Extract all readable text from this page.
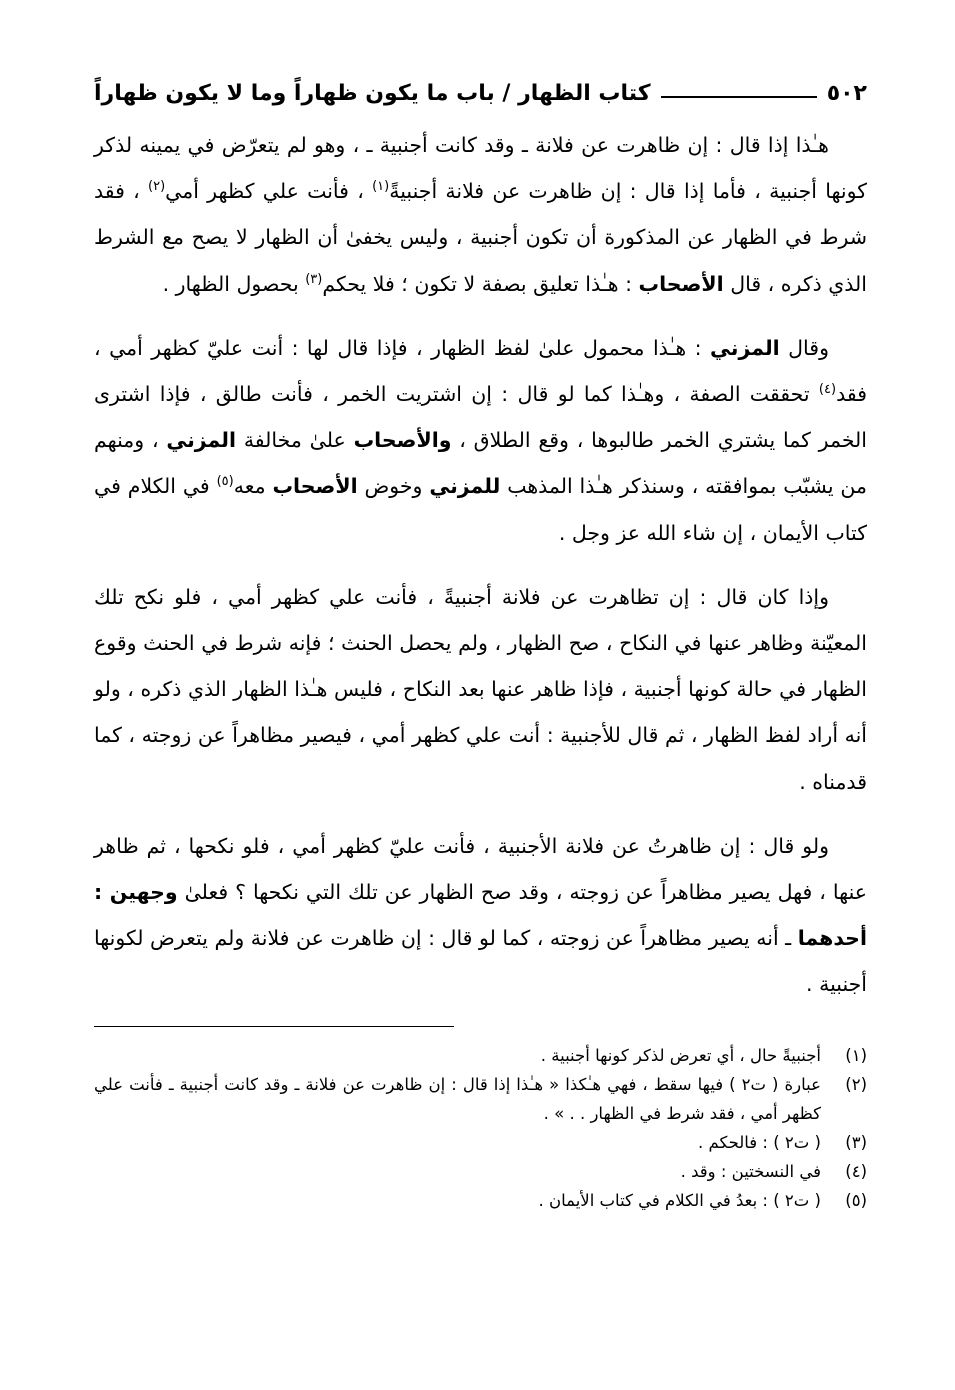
٥٠٢
كتاب الظهار / باب ما يكون ظهاراً وما لا يكون ظهاراً

هـٰذا إذا قال : إن ظاهرت عن فلانة ـ وقد كانت أجنبية ـ ، وهو لم يتعرّض في يمينه لذكر كونها أجنبية ، فأما إذا قال : إن ظاهرت عن فلانة أجنبيةً$^{(١)}$ ، فأنت علي كظهر أمي$^{(٢)}$ ، فقد شرط في الظهار عن المذكورة أن تكون أجنبية ، وليس يخفىٰ أن الظهار لا يصح مع الشرط الذي ذكره ، قال الأصحاب : هـٰذا تعليق بصفة لا تكون ؛ فلا يحكم$^{(٣)}$ بحصول الظهار .

وقال المزني : هـٰذا محمول علىٰ لفظ الظهار ، فإذا قال لها : أنت عليّ كظهر أمي ، فقد$^{(٤)}$ تحققت الصفة ، وهـٰذا كما لو قال : إن اشتريت الخمر ، فأنت طالق ، فإذا اشترى الخمر كما يشتري الخمر طالبوها ، وقع الطلاق ، والأصحاب علىٰ مخالفة المزني ، ومنهم من يشبّب بموافقته ، وسنذكر هـٰذا المذهب للمزني وخوض الأصحاب معه$^{(٥)}$ في الكلام في كتاب الأيمان ، إن شاء الله عز وجل .

وإذا كان قال : إن تظاهرت عن فلانة أجنبيةً ، فأنت علي كظهر أمي ، فلو نكح تلك المعيّنة وظاهر عنها في النكاح ، صح الظهار ، ولم يحصل الحنث ؛ فإنه شرط في الحنث وقوع الظهار في حالة كونها أجنبية ، فإذا ظاهر عنها بعد النكاح ، فليس هـٰذا الظهار الذي ذكره ، ولو أنه أراد لفظ الظهار ، ثم قال للأجنبية : أنت علي كظهر أمي ، فيصير مظاهراً عن زوجته ، كما قدمناه .

ولو قال : إن ظاهرتُ عن فلانة الأجنبية ، فأنت عليّ كظهر أمي ، فلو نكحها ، ثم ظاهر عنها ، فهل يصير مظاهراً عن زوجته ، وقد صح الظهار عن تلك التي نكحها ؟ فعلىٰ وجهين : أحدهما ـ أنه يصير مظاهراً عن زوجته ، كما لو قال : إن ظاهرت عن فلانة ولم يتعرض لكونها أجنبية .

(١)
أجنبيةً حال ، أي تعرض لذكر كونها أجنبية .
(٢)
عبارة ( ت٢ ) فيها سقط ، فهي هـٰكذا « هـٰذا إذا قال : إن ظاهرت عن فلانة ـ وقد كانت أجنبية ـ فأنت علي كظهر أمي ، فقد شرط في الظهار . . » .
(٣)
( ت٢ ) : فالحكم .
(٤)
في النسختين : وقد .
(٥)
( ت٢ ) : بعدُ في الكلام في كتاب الأيمان .
